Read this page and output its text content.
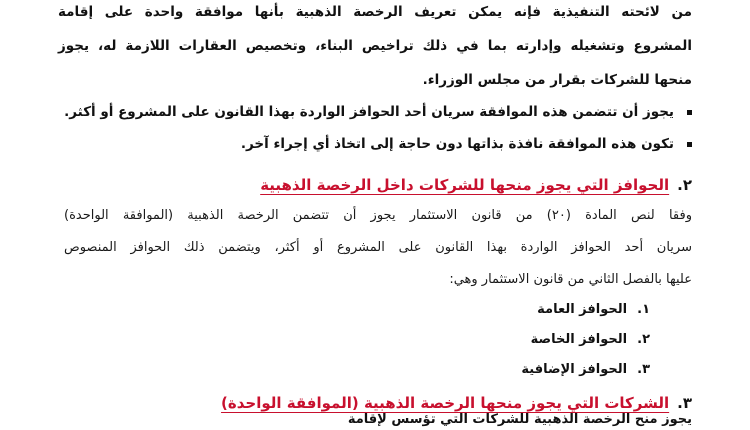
من لائحته التنفيذية فإنه يمكن تعريف الرخصة الذهبية بأنها موافقة واحدة على إقامة
المشروع وتشغيله وإدارته بما في ذلك تراخيص البناء، وتخصيص العقارات اللازمة له، يجوز
منحها للشركات بقرار من مجلس الوزراء.
يجوز أن تتضمن هذه الموافقة سريان أحد الحوافز الواردة بهذا القانون على المشروع أو أكثر.
تكون هذه الموافقة نافذة بذاتها دون حاجة إلى اتخاذ أي إجراء آخر.
٢.الحوافز التي يجوز منحها للشركات داخل الرخصة الذهبية
وفقا لنص المادة (٢٠) من قانون الاستثمار يجوز أن تتضمن الرخصة الذهبية (الموافقة الواحدة)
سريان أحد الحوافز الواردة بهذا القانون على المشروع أو أكثر، ويتضمن ذلك الحوافز المنصوص
عليها بالفصل الثاني من قانون الاستثمار وهي:
١.الحوافز العامة
٢.الحوافز الخاصة
٣.الحوافز الإضافية
٣.الشركات التي يجوز منحها الرخصة الذهبية (الموافقة الواحدة)
يجوز منح الرخصة الذهبية للشركات التي تؤسس لإقامة
